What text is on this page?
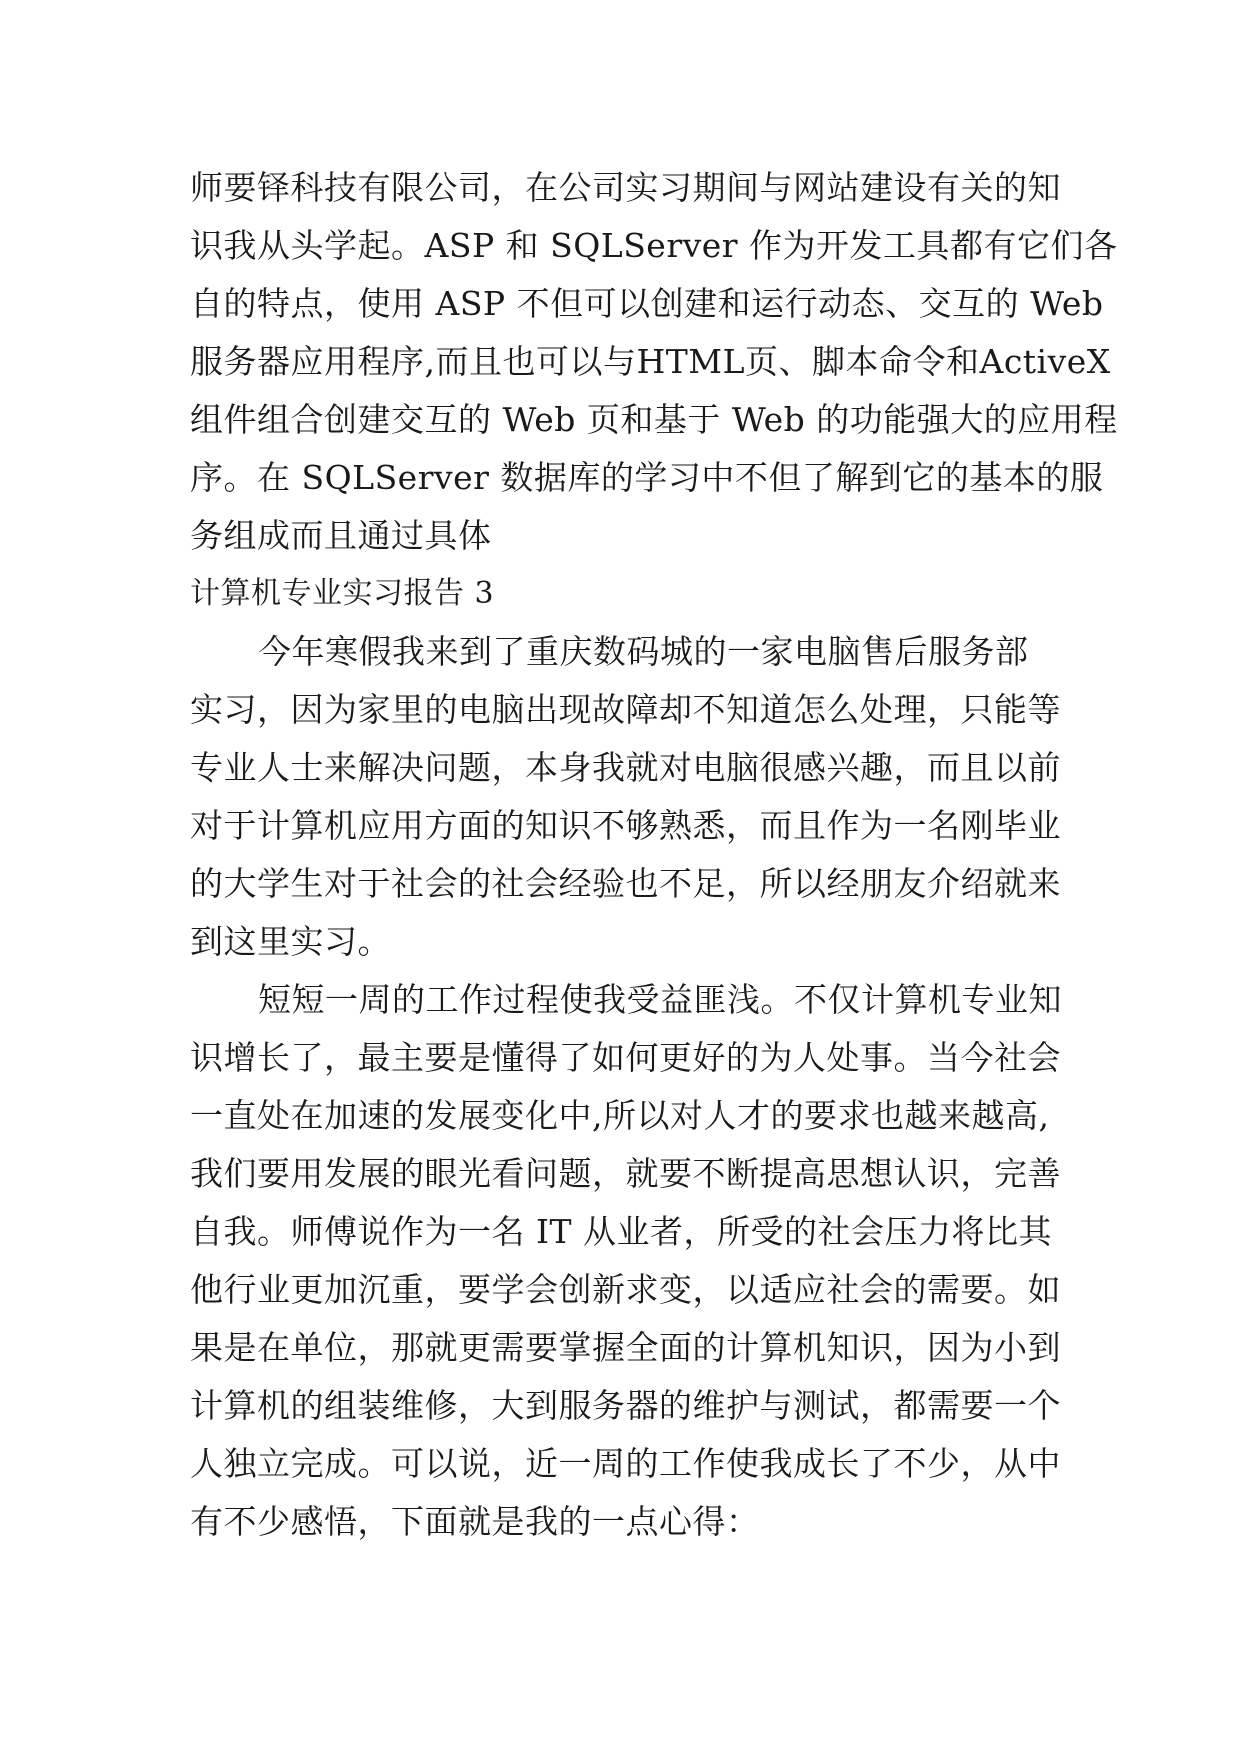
师要铎科技有限公司，在公司实习期间与网站建设有关的知
识我从头学起。ASP 和 SQLServer 作为开发工具都有它们各
自的特点，使用 ASP 不但可以创建和运行动态、交互的 Web
服务器应用程序,而且也可以与HTML页、脚本命令和ActiveX
组件组合创建交互的 Web 页和基于 Web 的功能强大的应用程
序。在 SQLServer 数据库的学习中不但了解到它的基本的服
务组成而且通过具体
计算机专业实习报告 3
今年寒假我来到了重庆数码城的一家电脑售后服务部
实习，因为家里的电脑出现故障却不知道怎么处理，只能等
专业人士来解决问题，本身我就对电脑很感兴趣，而且以前
对于计算机应用方面的知识不够熟悉，而且作为一名刚毕业
的大学生对于社会的社会经验也不足，所以经朋友介绍就来
到这里实习。
短短一周的工作过程使我受益匪浅。不仅计算机专业知
识增长了，最主要是懂得了如何更好的为人处事。当今社会
一直处在加速的发展变化中,所以对人才的要求也越来越高,
我们要用发展的眼光看问题，就要不断提高思想认识，完善
自我。师傅说作为一名 IT 从业者，所受的社会压力将比其
他行业更加沉重，要学会创新求变，以适应社会的需要。如
果是在单位，那就更需要掌握全面的计算机知识，因为小到
计算机的组装维修，大到服务器的维护与测试，都需要一个
人独立完成。可以说，近一周的工作使我成长了不少，从中
有不少感悟，下面就是我的一点心得：
